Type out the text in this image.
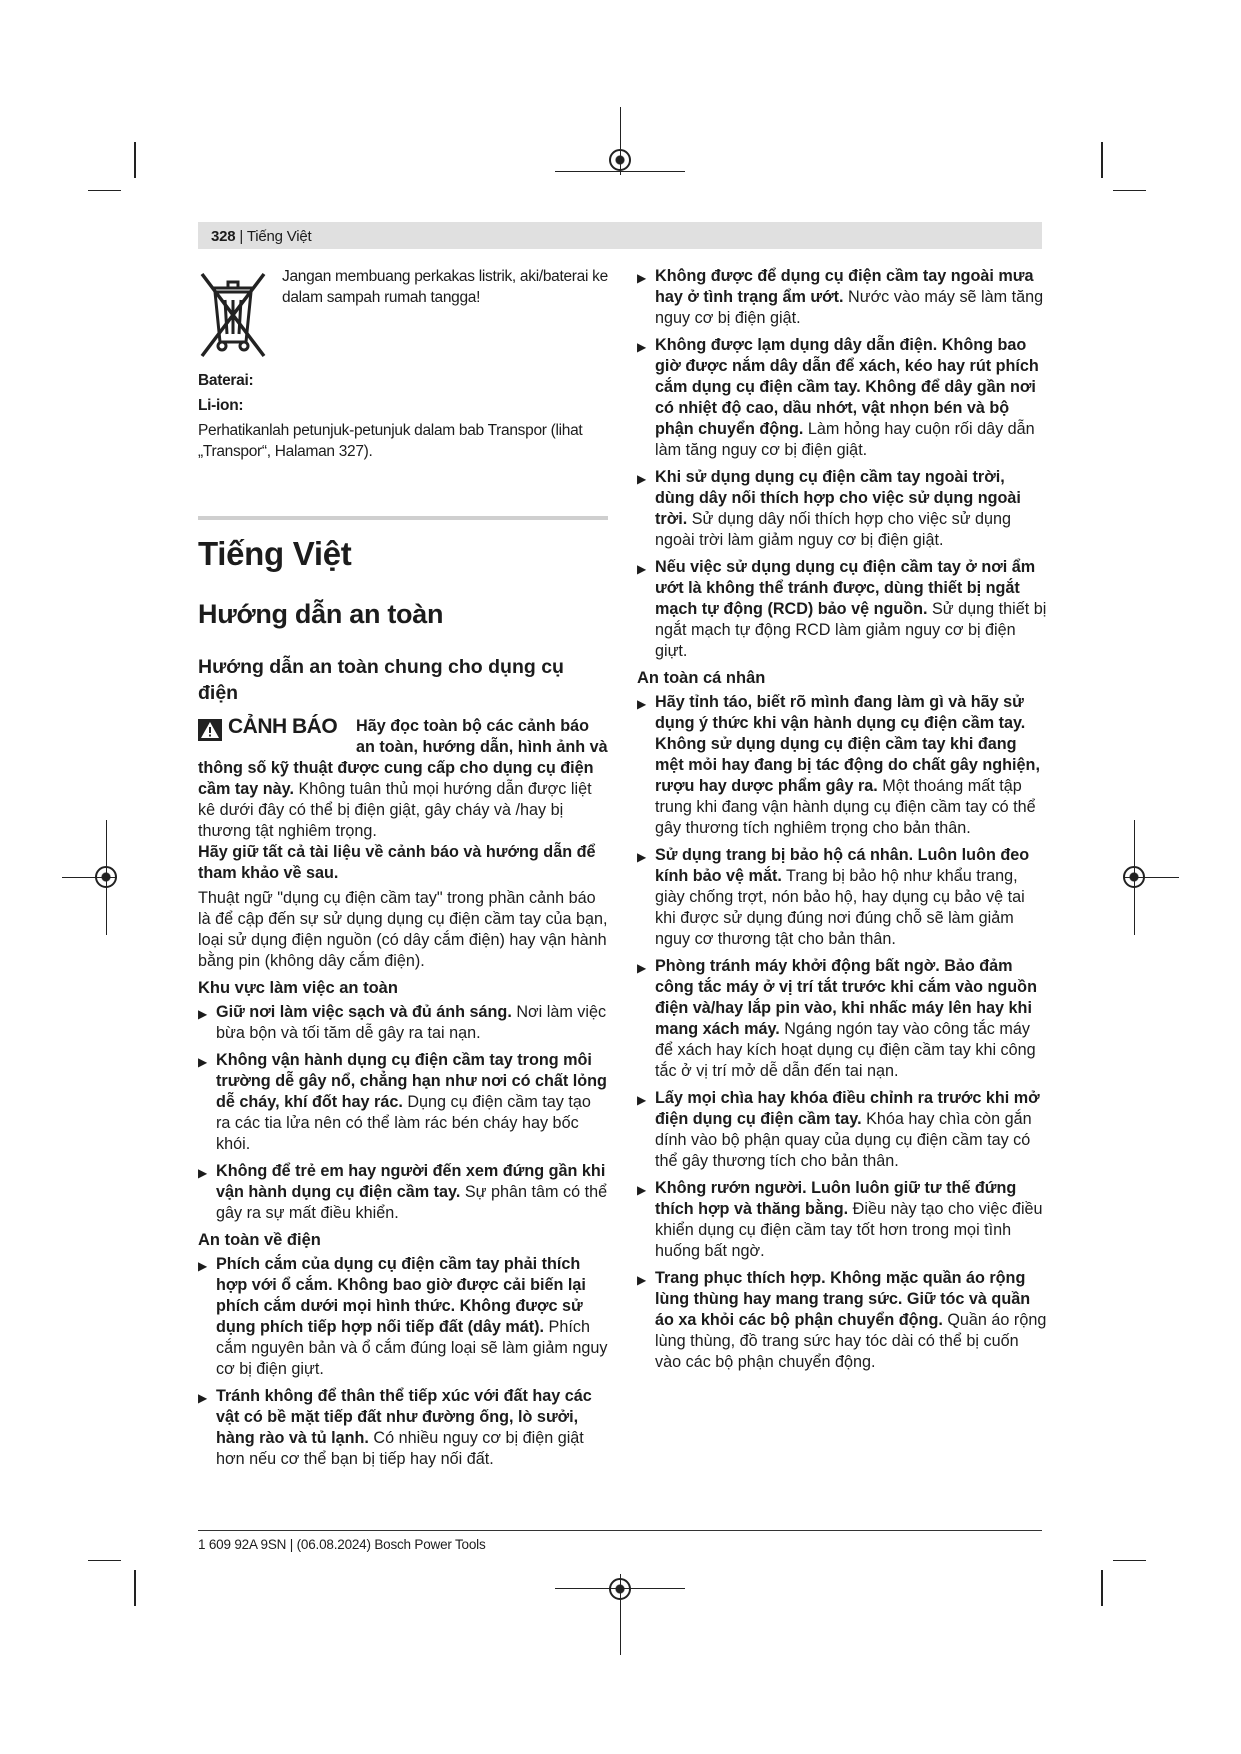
328 | Tiếng Việt
Jangan membuang perkakas listrik, aki/baterai ke dalam sampah rumah tangga!
Baterai:
Li-ion:
Perhatikanlah petunjuk-petunjuk dalam bab Transpor (lihat „Transpor“, Halaman 327).
Tiếng Việt
Hướng dẫn an toàn
Hướng dẫn an toàn chung cho dụng cụ điện
CẢNH BÁO	Hãy đọc toàn bộ các cảnh báo an toàn, hướng dẫn, hình ảnh và thông số kỹ thuật được cung cấp cho dụng cụ điện cầm tay này. Không tuân thủ mọi hướng dẫn được liệt kê dưới đây có thể bị điện giật, gây cháy và /hay bị thương tật nghiêm trọng.
Hãy giữ tất cả tài liệu về cảnh báo và hướng dẫn để tham khảo về sau.

Thuật ngữ "dụng cụ điện cầm tay" trong phần cảnh báo là để cập đến sự sử dụng dụng cụ điện cầm tay của bạn, loại sử dụng điện nguồn (có dây cắm điện) hay vận hành bằng pin (không dây cắm điện).

Khu vực làm việc an toàn
▶ Giữ nơi làm việc sạch và đủ ánh sáng. Nơi làm việc bừa bộn và tối tăm dễ gây ra tai nạn.
▶ Không vận hành dụng cụ điện cầm tay trong môi trường dễ gây nổ, chẳng hạn như nơi có chất lỏng dễ cháy, khí đốt hay rác. Dụng cụ điện cầm tay tạo ra các tia lửa nên có thể làm rác bén cháy hay bốc khói.
▶ Không để trẻ em hay người đến xem đứng gần khi vận hành dụng cụ điện cầm tay. Sự phân tâm có thể gây ra sự mất điều khiển.
An toàn về điện
▶ Phích cắm của dụng cụ điện cầm tay phải thích hợp với ổ cắm. Không bao giờ được cải biến lại phích cắm dưới mọi hình thức. Không được sử dụng phích tiếp hợp nối tiếp đất (dây mát). Phích cắm nguyên bản và ổ cắm đúng loại sẽ làm giảm nguy cơ bị điện giựt.
▶ Tránh không để thân thể tiếp xúc với đất hay các vật có bề mặt tiếp đất như đường ống, lò sưởi, hàng rào và tủ lạnh. Có nhiều nguy cơ bị điện giật hơn nếu cơ thể bạn bị tiếp hay nối đất.
▶ Không được để dụng cụ điện cầm tay ngoài mưa hay ở tình trạng ẩm ướt. Nước vào máy sẽ làm tăng nguy cơ bị điện giật.
▶ Không được lạm dụng dây dẫn điện. Không bao giờ được nắm dây dẫn để xách, kéo hay rút phích cắm dụng cụ điện cầm tay. Không để dây gần nơi có nhiệt độ cao, dầu nhớt, vật nhọn bén và bộ phận chuyển động. Làm hỏng hay cuộn rối dây dẫn làm tăng nguy cơ bị điện giật.
▶ Khi sử dụng dụng cụ điện cầm tay ngoài trời, dùng dây nối thích hợp cho việc sử dụng ngoài trời. Sử dụng dây nối thích hợp cho việc sử dụng ngoài trời làm giảm nguy cơ bị điện giật.
▶ Nếu việc sử dụng dụng cụ điện cầm tay ở nơi ẩm ướt là không thể tránh được, dùng thiết bị ngắt mạch tự động (RCD) bảo vệ nguồn. Sử dụng thiết bị ngắt mạch tự động RCD làm giảm nguy cơ bị điện giựt.
An toàn cá nhân
▶ Hãy tỉnh táo, biết rõ mình đang làm gì và hãy sử dụng ý thức khi vận hành dụng cụ điện cầm tay. Không sử dụng dụng cụ điện cầm tay khi đang mệt mỏi hay đang bị tác động do chất gây nghiện, rượu hay dược phẩm gây ra. Một thoáng mất tập trung khi đang vận hành dụng cụ điện cầm tay có thể gây thương tích nghiêm trọng cho bản thân.
▶ Sử dụng trang bị bảo hộ cá nhân. Luôn luôn đeo kính bảo vệ mắt. Trang bị bảo hộ như khẩu trang, giày chống trợt, nón bảo hộ, hay dụng cụ bảo vệ tai khi được sử dụng đúng nơi đúng chỗ sẽ làm giảm nguy cơ thương tật cho bản thân.
▶ Phòng tránh máy khởi động bất ngờ. Bảo đảm công tắc máy ở vị trí tắt trước khi cắm vào nguồn điện và/hay lắp pin vào, khi nhấc máy lên hay khi mang xách máy. Ngáng ngón tay vào công tắc máy để xách hay kích hoạt dụng cụ điện cầm tay khi công tắc ở vị trí mở dễ dẫn đến tai nạn.
▶ Lấy mọi chìa hay khóa điều chỉnh ra trước khi mở điện dụng cụ điện cầm tay. Khóa hay chìa còn gắn dính vào bộ phận quay của dụng cụ điện cầm tay có thể gây thương tích cho bản thân.
▶ Không rướn người. Luôn luôn giữ tư thế đứng thích hợp và thăng bằng. Điều này tạo cho việc điều khiển dụng cụ điện cầm tay tốt hơn trong mọi tình huống bất ngờ.
▶ Trang phục thích hợp. Không mặc quần áo rộng lùng thùng hay mang trang sức. Giữ tóc và quần áo xa khỏi các bộ phận chuyển động. Quần áo rộng lùng thùng, đồ trang sức hay tóc dài có thể bị cuốn vào các bộ phận chuyển động.
1 609 92A 9SN | (06.08.2024) Bosch Power Tools
